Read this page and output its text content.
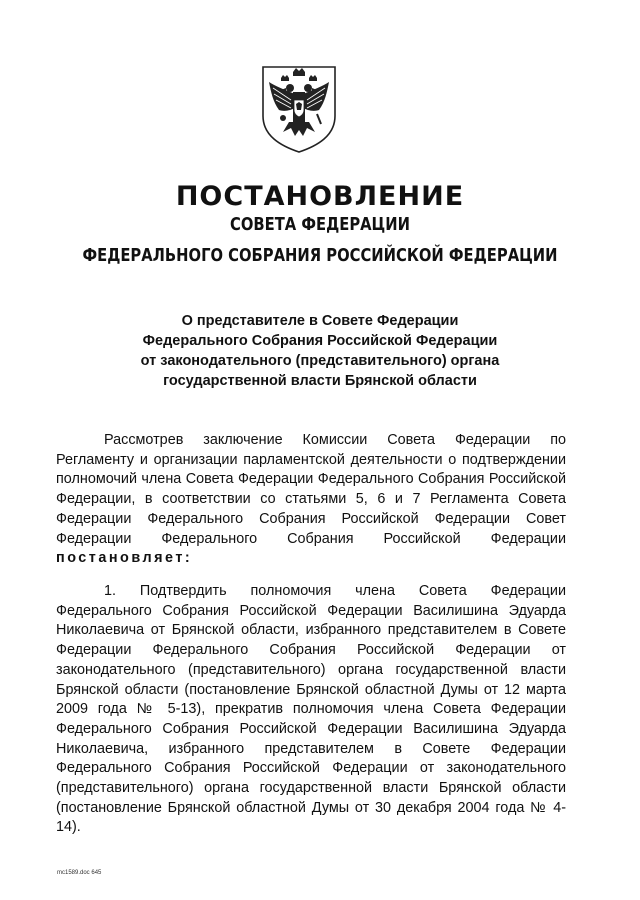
ПОСТАНОВЛЕНИЕ
СОВЕТА ФЕДЕРАЦИИ
ФЕДЕРАЛЬНОГО СОБРАНИЯ РОССИЙСКОЙ ФЕДЕРАЦИИ
О представителе в Совете Федерации
Федерального Собрания Российской Федерации
от законодательного (представительного) органа
государственной власти Брянской области
Рассмотрев заключение Комиссии Совета Федерации по Регламенту и организации парламентской деятельности о подтверждении полномочий члена Совета Федерации Федерального Собрания Российской Федерации, в соответствии со статьями 5, 6 и 7 Регламента Совета Федерации Федерального Собрания Российской Федерации Совет Федерации Федерального Собрания Российской Федерации постановляет:
1. Подтвердить полномочия члена Совета Федерации Федерального Собрания Российской Федерации Василишина Эдуарда Николаевича от Брянской области, избранного представителем в Совете Федерации Федерального Собрания Российской Федерации от законодательного (представительного) органа государственной власти Брянской области (постановление Брянской областной Думы от 12 марта 2009 года № 5-13), прекратив полномочия члена Совета Федерации Федерального Собрания Российской Федерации Василишина Эдуарда Николаевича, избранного представителем в Совете Федерации Федерального Собрания Российской Федерации от законодательного (представительного) органа государственной власти Брянской области (постановление Брянской областной Думы от 30 декабря 2004 года № 4-14).
mc1589.doc 645
